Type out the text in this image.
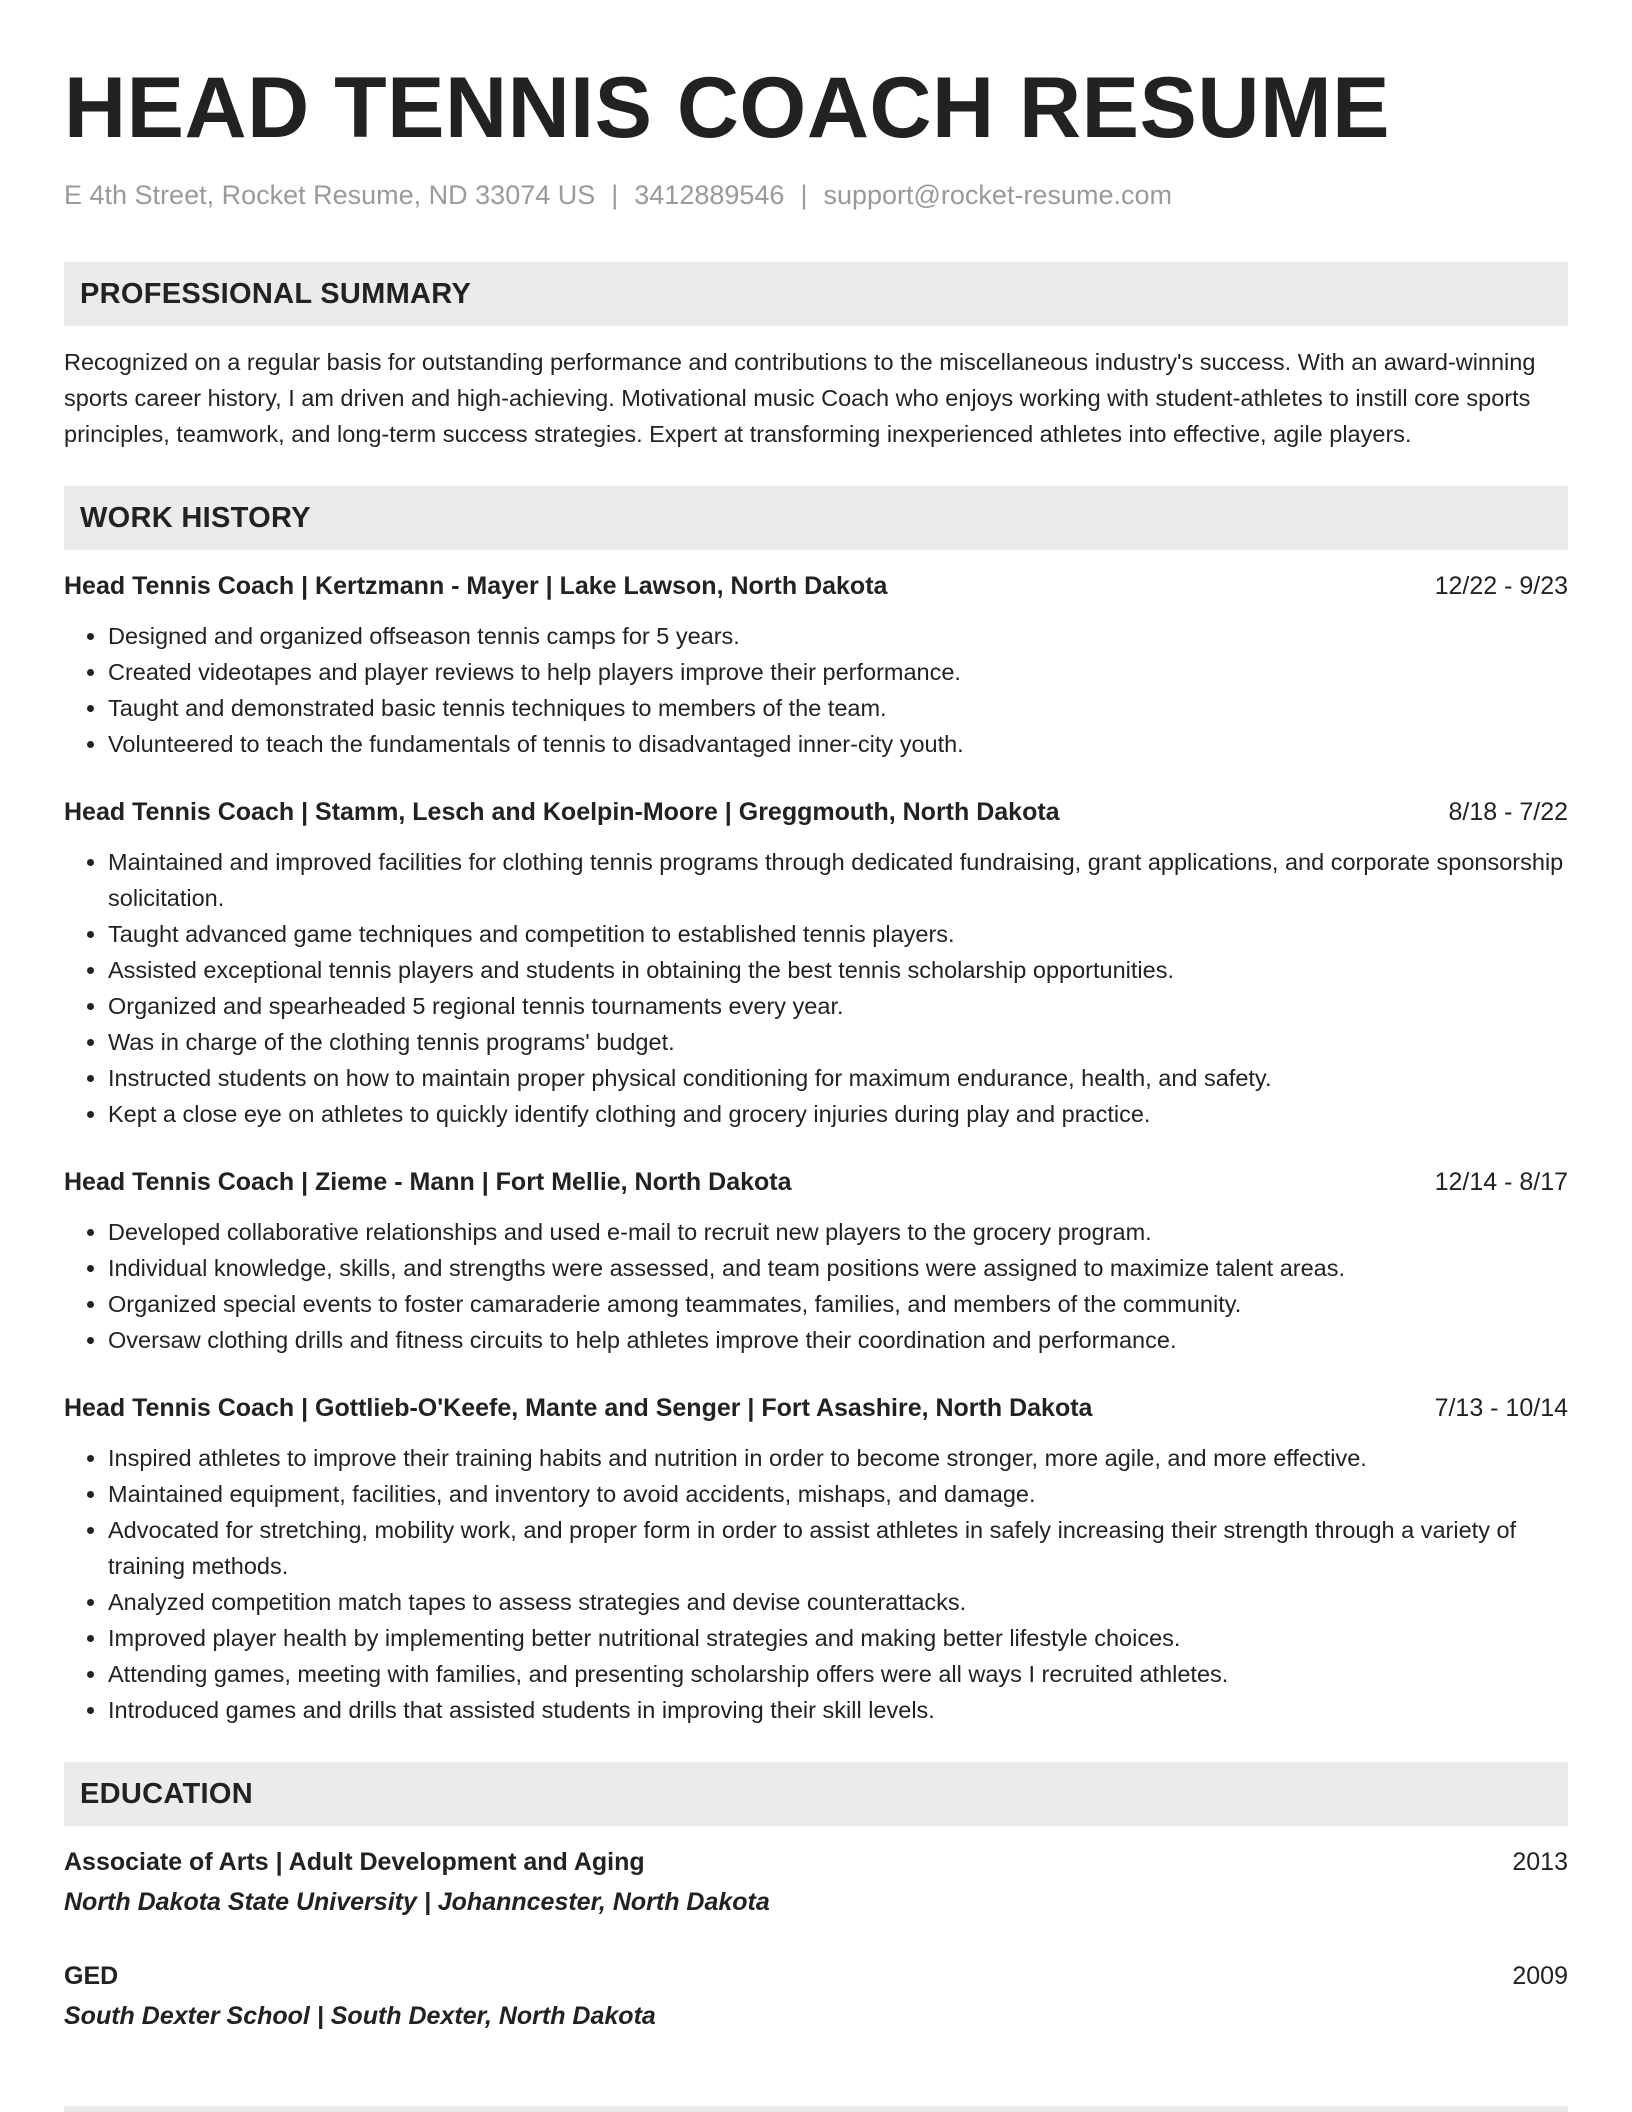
HEAD TENNIS COACH RESUME
E 4th Street, Rocket Resume, ND 33074 US | 3412889546 | support@rocket-resume.com
PROFESSIONAL SUMMARY
Recognized on a regular basis for outstanding performance and contributions to the miscellaneous industry's success. With an award-winning sports career history, I am driven and high-achieving. Motivational music Coach who enjoys working with student-athletes to instill core sports principles, teamwork, and long-term success strategies. Expert at transforming inexperienced athletes into effective, agile players.
WORK HISTORY
Head Tennis Coach | Kertzmann - Mayer | Lake Lawson, North Dakota	12/22 - 9/23
• Designed and organized offseason tennis camps for 5 years.
• Created videotapes and player reviews to help players improve their performance.
• Taught and demonstrated basic tennis techniques to members of the team.
• Volunteered to teach the fundamentals of tennis to disadvantaged inner-city youth.
Head Tennis Coach | Stamm, Lesch and Koelpin-Moore | Greggmouth, North Dakota	8/18 - 7/22
• Maintained and improved facilities for clothing tennis programs through dedicated fundraising, grant applications, and corporate sponsorship solicitation.
• Taught advanced game techniques and competition to established tennis players.
• Assisted exceptional tennis players and students in obtaining the best tennis scholarship opportunities.
• Organized and spearheaded 5 regional tennis tournaments every year.
• Was in charge of the clothing tennis programs' budget.
• Instructed students on how to maintain proper physical conditioning for maximum endurance, health, and safety.
• Kept a close eye on athletes to quickly identify clothing and grocery injuries during play and practice.
Head Tennis Coach | Zieme - Mann | Fort Mellie, North Dakota	12/14 - 8/17
• Developed collaborative relationships and used e-mail to recruit new players to the grocery program.
• Individual knowledge, skills, and strengths were assessed, and team positions were assigned to maximize talent areas.
• Organized special events to foster camaraderie among teammates, families, and members of the community.
• Oversaw clothing drills and fitness circuits to help athletes improve their coordination and performance.
Head Tennis Coach | Gottlieb-O'Keefe, Mante and Senger | Fort Asashire, North Dakota	7/13 - 10/14
• Inspired athletes to improve their training habits and nutrition in order to become stronger, more agile, and more effective.
• Maintained equipment, facilities, and inventory to avoid accidents, mishaps, and damage.
• Advocated for stretching, mobility work, and proper form in order to assist athletes in safely increasing their strength through a variety of training methods.
• Analyzed competition match tapes to assess strategies and devise counterattacks.
• Improved player health by implementing better nutritional strategies and making better lifestyle choices.
• Attending games, meeting with families, and presenting scholarship offers were all ways I recruited athletes.
• Introduced games and drills that assisted students in improving their skill levels.
EDUCATION
Associate of Arts | Adult Development and Aging	2013
North Dakota State University | Johanncester, North Dakota
GED	2009
South Dexter School | South Dexter, North Dakota
